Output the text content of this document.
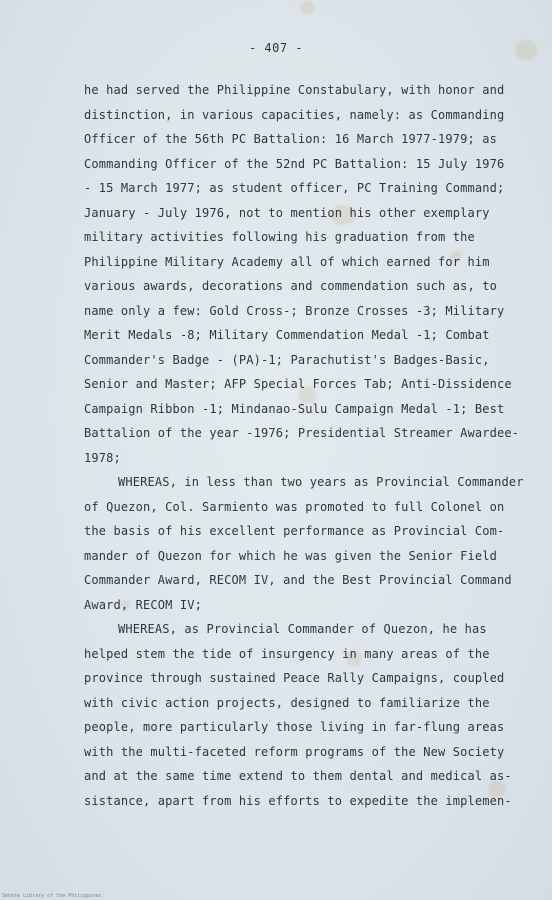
- 407 -
he had served the Philippine Constabulary, with honor and
distinction, in various capacities, namely: as Commanding
Officer of the 56th PC Battalion: 16 March 1977-1979; as
Commanding Officer of the 52nd PC Battalion: 15 July 1976
- 15 March 1977; as student officer, PC Training Command;
January - July 1976, not to mention his other exemplary
military activities following his graduation from the
Philippine Military Academy all of which earned for him
various awards, decorations and commendation such as, to
name only a few: Gold Cross-; Bronze Crosses -3; Military
Merit Medals -8; Military Commendation Medal -1; Combat
Commander's Badge - (PA)-1; Parachutist's Badges-Basic,
Senior and Master; AFP Special Forces Tab; Anti-Dissidence
Campaign Ribbon -1; Mindanao-Sulu Campaign Medal -1; Best
Battalion of the year -1976; Presidential Streamer Awardee-
1978;
WHEREAS, in less than two years as Provincial Commander
of Quezon, Col. Sarmiento was promoted to full Colonel on
the basis of his excellent performance as Provincial Com-
mander of Quezon for which he was given the Senior Field
Commander Award, RECOM IV, and the Best Provincial Command
Award, RECOM IV;
WHEREAS, as Provincial Commander of Quezon, he has
helped stem the tide of insurgency in many areas of the
province through sustained Peace Rally Campaigns, coupled
with civic action projects, designed to familiarize the
people, more particularly those living in far-flung areas
with the multi-faceted reform programs of the New Society
and at the same time extend to them dental and medical as-
sistance, apart from his efforts to expedite the implemen-
Senate Library of the Philippines
